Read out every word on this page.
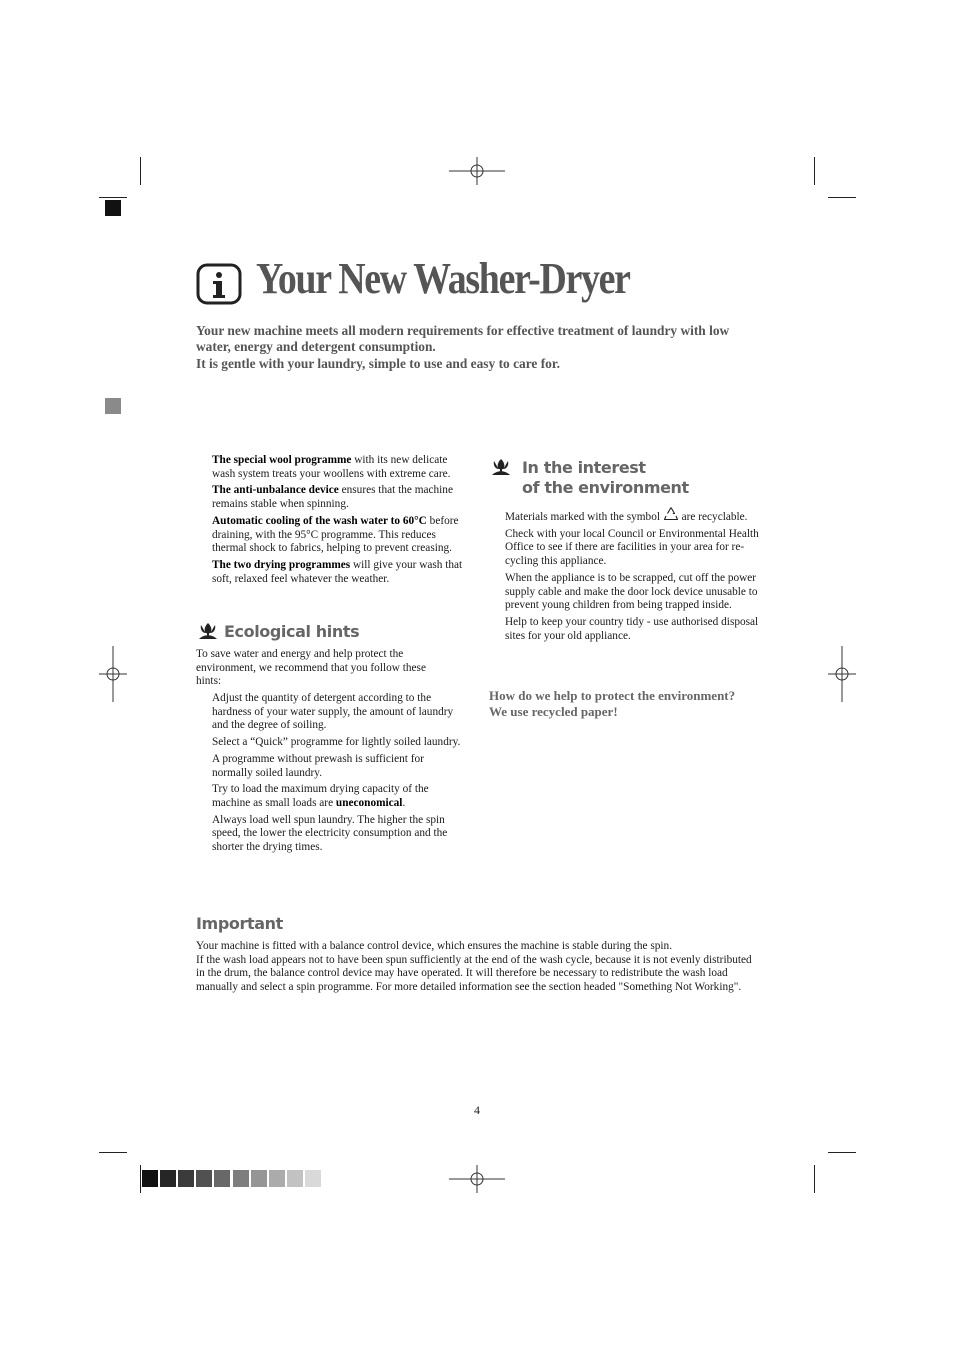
Your New Washer-Dryer
Your new machine meets all modern requirements for effective treatment of laundry with low water, energy and detergent consumption.
It is gentle with your laundry, simple to use and easy to care for.

The special wool programme with its new delicate wash system treats your woollens with extreme care.

The anti-unbalance device ensures that the machine remains stable when spinning.

Automatic cooling of the wash water to 60°C before draining, with the 95°C programme. This reduces thermal shock to fabrics, helping to prevent creasing.

The two drying programmes will give your wash that soft, relaxed feel whatever the weather.

Ecological hints
To save water and energy and help protect the environment, we recommend that you follow these hints:

Adjust the quantity of detergent according to the hardness of your water supply, the amount of laundry and the degree of soiling.

Select a “Quick” programme for lightly soiled laundry.

A programme without prewash is sufficient for normally soiled laundry.

Try to load the maximum drying capacity of the machine as small loads are uneconomical.

Always load well spun laundry. The higher the spin speed, the lower the electricity consumption and the shorter the drying times.

In the interest
of the environment

Materials marked with the symbol are recyclable.

Check with your local Council or Environmental Health Office to see if there are facilities in your area for re-cycling this appliance.

When the appliance is to be scrapped, cut off the power supply cable and make the door lock device unusable to prevent young children from being trapped inside.

Help to keep your country tidy - use authorised disposal sites for your old appliance.

How do we help to protect the environment?
We use recycled paper!
Important
Your machine is fitted with a balance control device, which ensures the machine is stable during the spin.
If the wash load appears not to have been spun sufficiently at the end of the wash cycle, because it is not evenly distributed in the drum, the balance control device may have operated. It will therefore be necessary to redistribute the wash load manually and select a spin programme. For more detailed information see the section headed "Something Not Working".
4
